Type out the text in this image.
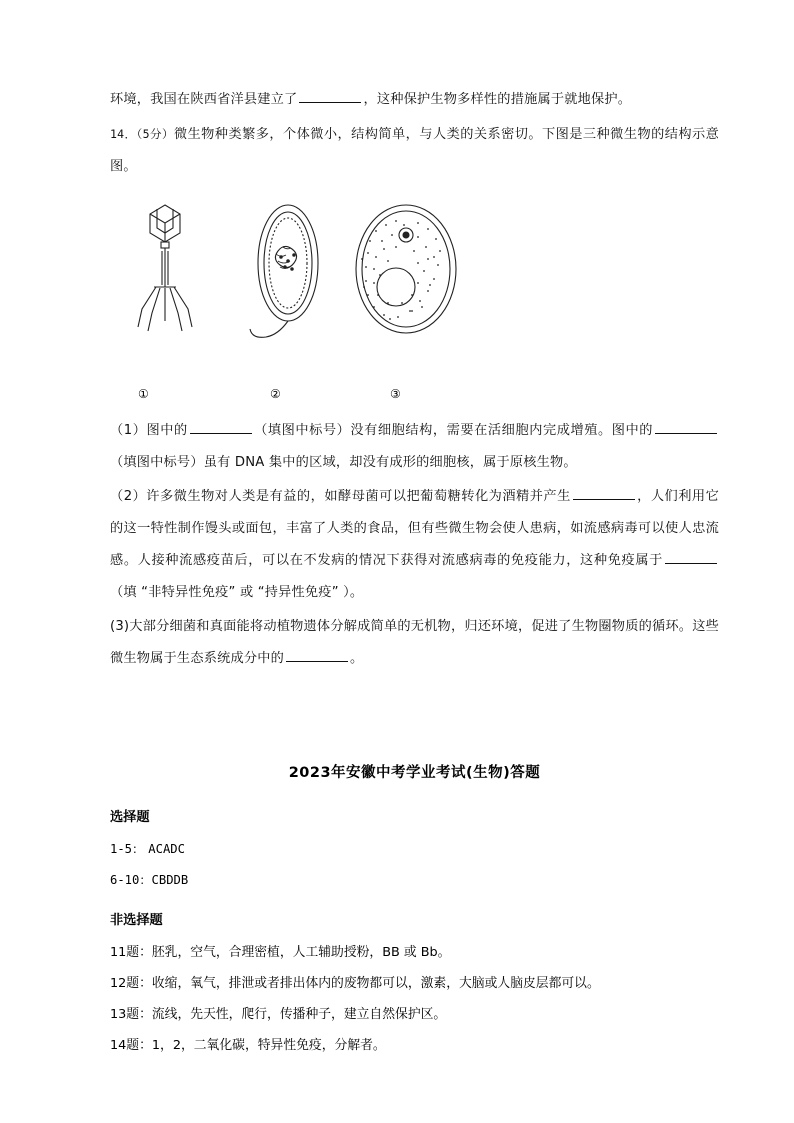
环境，我国在陕西省洋县建立了	，这种保护生物多样性的措施属于就地保护。

14．（5分）微生物种类繁多，个体微小，结构简单，与人类的关系密切。下图是三种微生物的结构示意图。

①	②	③

（1）图中的	（填图中标号）没有细胞结构，需要在活细胞内完成增殖。图中的（填图中标号）虽有 DNA 集中的区域，却没有成形的细胞核，属于原核生物。

（2）许多微生物对人类是有益的，如酵母菌可以把葡萄糖转化为酒精并产生	，人们利用它的这一特性制作馒头或面包，丰富了人类的食品，但有些微生物会使人患病，如流感病毒可以使人忠流感。人接种流感疫苗后，可以在不发病的情况下获得对流感病毒的免疫能力，这种免疫属于（填 “非特异性免疫” 或 “持异性免疫” ）。

(3)大部分细菌和真面能将动植物遗体分解成简单的无机物，归还环境，促进了生物圈物质的循环。这些微生物属于生态系统成分中的	。

2023年安徽中考学业考试(生物)答题
选择题

1-5： ACADC

6-10：CBDDB

非选择题

11题：胚乳，空气，合理密植，人工辅助授粉，BB 或 Bb。

12题：收缩，氧气，排泄或者排出体内的废物都可以，激素，大脑或人脑皮层都可以。

13题：流线，先天性，爬行，传播种子，建立自然保护区。

14题：1，2，二氧化碳，特异性免疫，分解者。
